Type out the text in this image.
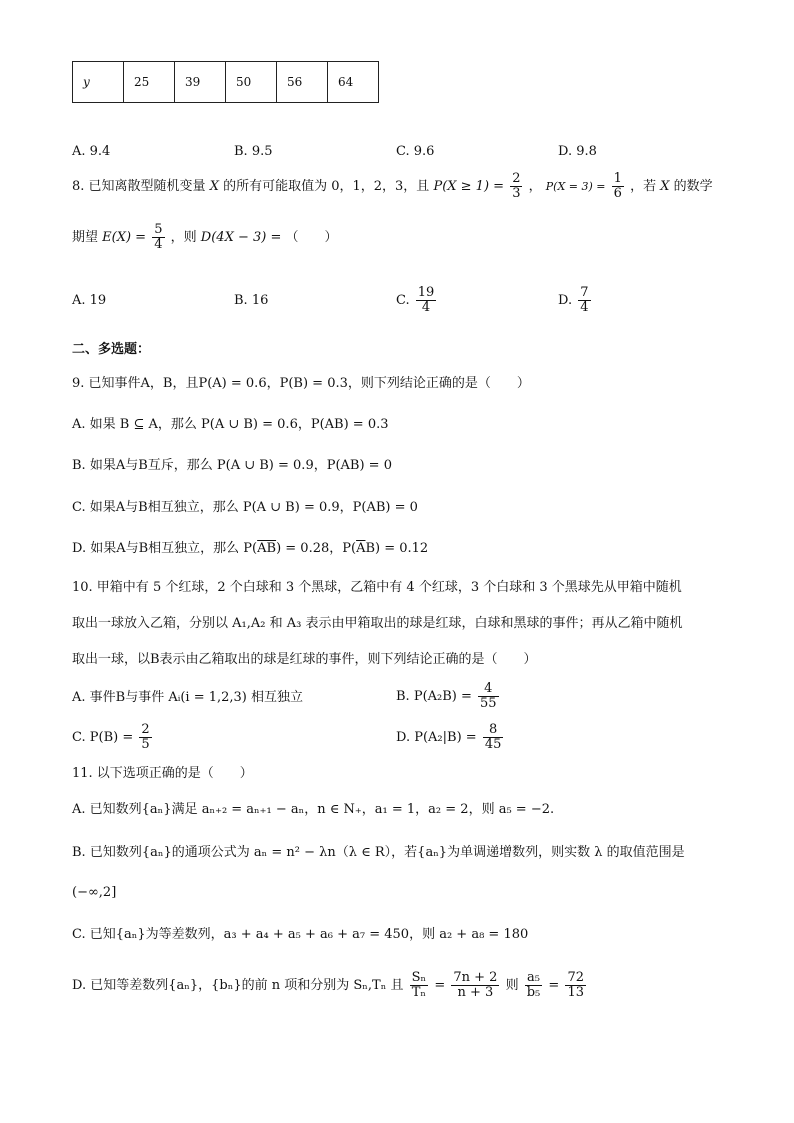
y	25	39	50	56	64
A. 9.4	B. 9.5	C. 9.6	D. 9.8
8. 已知离散型随机变量 X 的所有可能取值为 0，1，2，3，且 $P(X \ge 1) = \frac{2}{3}$ ， $P(X = 3) = \frac{1}{6}$ ，若 X 的数学
期望 $E(X) = \frac{5}{4}$ ，则 D(4X − 3) = （　　）
A. 19	B. 16	C. $\frac{19}{4}$	D. $\frac{7}{4}$
二、多选题：
9. 已知事件A，B，且P(A) = 0.6，P(B) = 0.3，则下列结论正确的是（　　）
A. 如果 B ⊆ A，那么 P(A ∪ B) = 0.6，P(AB) = 0.3
B. 如果A与B互斥，那么 P(A ∪ B) = 0.9，P(AB) = 0
C. 如果A与B相互独立，那么 P(A ∪ B) = 0.9，P(AB) = 0
D. 如果A与B相互独立，那么 $P(\overline{AB}) = 0.28$，$P(\overline{A}B) = 0.12$
10. 甲箱中有 5 个红球，2 个白球和 3 个黑球，乙箱中有 4 个红球，3 个白球和 3 个黑球先从甲箱中随机
取出一球放入乙箱，分别以 A₁,A₂ 和 A₃ 表示由甲箱取出的球是红球，白球和黑球的事件；再从乙箱中随机
取出一球，以B表示由乙箱取出的球是红球的事件，则下列结论正确的是（　　）
A. 事件B与事件 Aᵢ(i = 1,2,3) 相互独立	B. $P(A_2B) = \frac{4}{55}$
C. $P(B) = \frac{2}{5}$	D. $P(A_2|B) = \frac{8}{45}$
11. 以下选项正确的是（　　）
A. 已知数列{aₙ}满足 aₙ₊₂ = aₙ₊₁ − aₙ，n ∈ N₊，a₁ = 1，a₂ = 2，则 a₅ = −2.
B. 已知数列{aₙ}的通项公式为 aₙ = n² − λn（λ ∈ R），若{aₙ}为单调递增数列，则实数 λ 的取值范围是
(−∞,2]
C. 已知{aₙ}为等差数列，a₃ + a₄ + a₅ + a₆ + a₇ = 450，则 a₂ + a₈ = 180
D. 已知等差数列{aₙ}，{bₙ}的前 n 项和分别为 Sₙ,Tₙ 且 $\frac{\text{Sₙ}}{\text{Tₙ}} = \frac{7n + 2}{n + 3}$ 则 $\frac{\text{a₅}}{\text{b₅}} = \frac{72}{13}$
